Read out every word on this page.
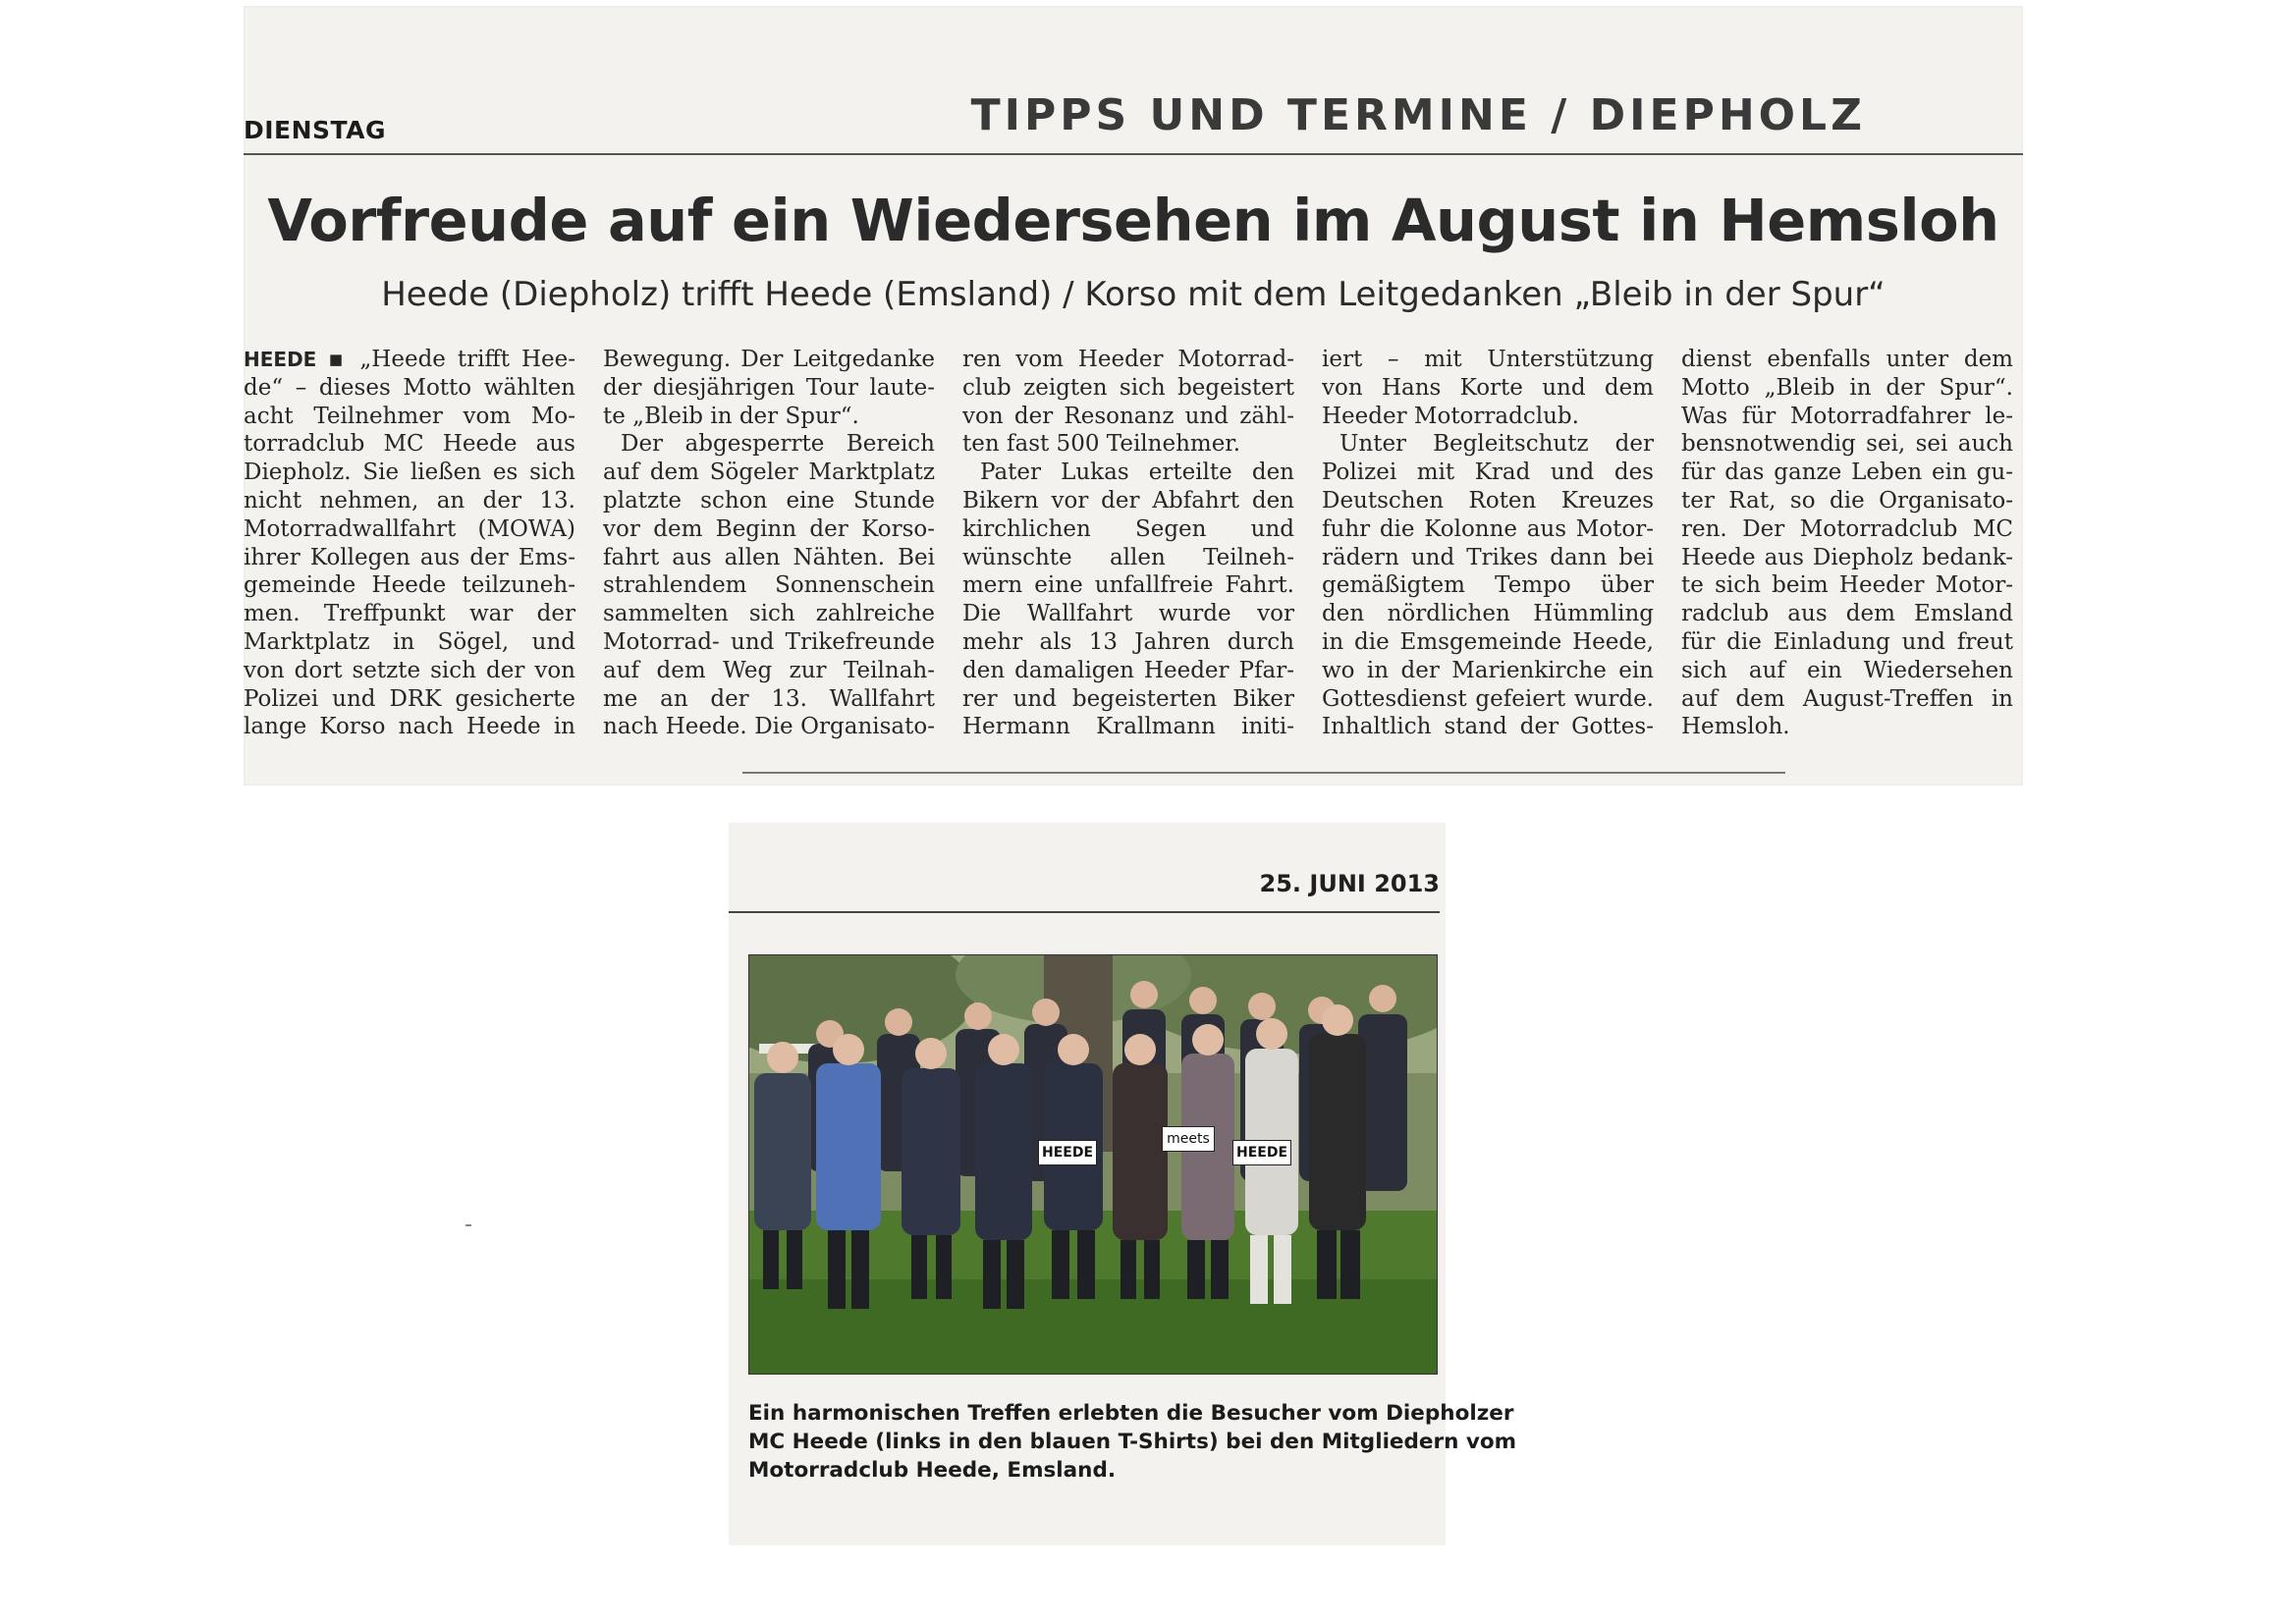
DIENSTAG	TIPPS UND TERMINE / DIEPHOLZ
Vorfreude auf ein Wiedersehen im August in Hemsloh
Heede (Diepholz) trifft Heede (Emsland) / Korso mit dem Leitgedanken „Bleib in der Spur“
HEEDE ▪ „Heede trifft Hee-
de“ – dieses Motto wählten
acht Teilnehmer vom Mo-
torradclub MC Heede aus
Diepholz. Sie ließen es sich
nicht nehmen, an der 13.
Motorradwallfahrt (MOWA)
ihrer Kollegen aus der Ems-
gemeinde Heede teilzuneh-
men. Treffpunkt war der
Marktplatz in Sögel, und
von dort setzte sich der von
Polizei und DRK gesicherte
lange Korso nach Heede in
Bewegung. Der Leitgedanke
der diesjährigen Tour laute-
te „Bleib in der Spur“.
Der abgesperrte Bereich
auf dem Sögeler Marktplatz
platzte schon eine Stunde
vor dem Beginn der Korso-
fahrt aus allen Nähten. Bei
strahlendem Sonnenschein
sammelten sich zahlreiche
Motorrad- und Trikefreunde
auf dem Weg zur Teilnah-
me an der 13. Wallfahrt
nach Heede. Die Organisato-
ren vom Heeder Motorrad-
club zeigten sich begeistert
von der Resonanz und zähl-
ten fast 500 Teilnehmer.
Pater Lukas erteilte den
Bikern vor der Abfahrt den
kirchlichen Segen und
wünschte allen Teilneh-
mern eine unfallfreie Fahrt.
Die Wallfahrt wurde vor
mehr als 13 Jahren durch
den damaligen Heeder Pfar-
rer und begeisterten Biker
Hermann Krallmann initi-
iert – mit Unterstützung
von Hans Korte und dem
Heeder Motorradclub.
Unter Begleitschutz der
Polizei mit Krad und des
Deutschen Roten Kreuzes
fuhr die Kolonne aus Motor-
rädern und Trikes dann bei
gemäßigtem Tempo über
den nördlichen Hümmling
in die Emsgemeinde Heede,
wo in der Marienkirche ein
Gottesdienst gefeiert wurde.
Inhaltlich stand der Gottes-
dienst ebenfalls unter dem
Motto „Bleib in der Spur“.
Was für Motorradfahrer le-
bensnotwendig sei, sei auch
für das ganze Leben ein gu-
ter Rat, so die Organisato-
ren. Der Motorradclub MC
Heede aus Diepholz bedank-
te sich beim Heeder Motor-
radclub aus dem Emsland
für die Einladung und freut
sich auf ein Wiedersehen
auf dem August-Treffen in
Hemsloh.
25. JUNI 2013
HEEDE
meets
HEEDE
Ein harmonischen Treffen erlebten die Besucher vom Diepholzer
MC Heede (links in den blauen T-Shirts) bei den Mitgliedern vom
Motorradclub Heede, Emsland.
